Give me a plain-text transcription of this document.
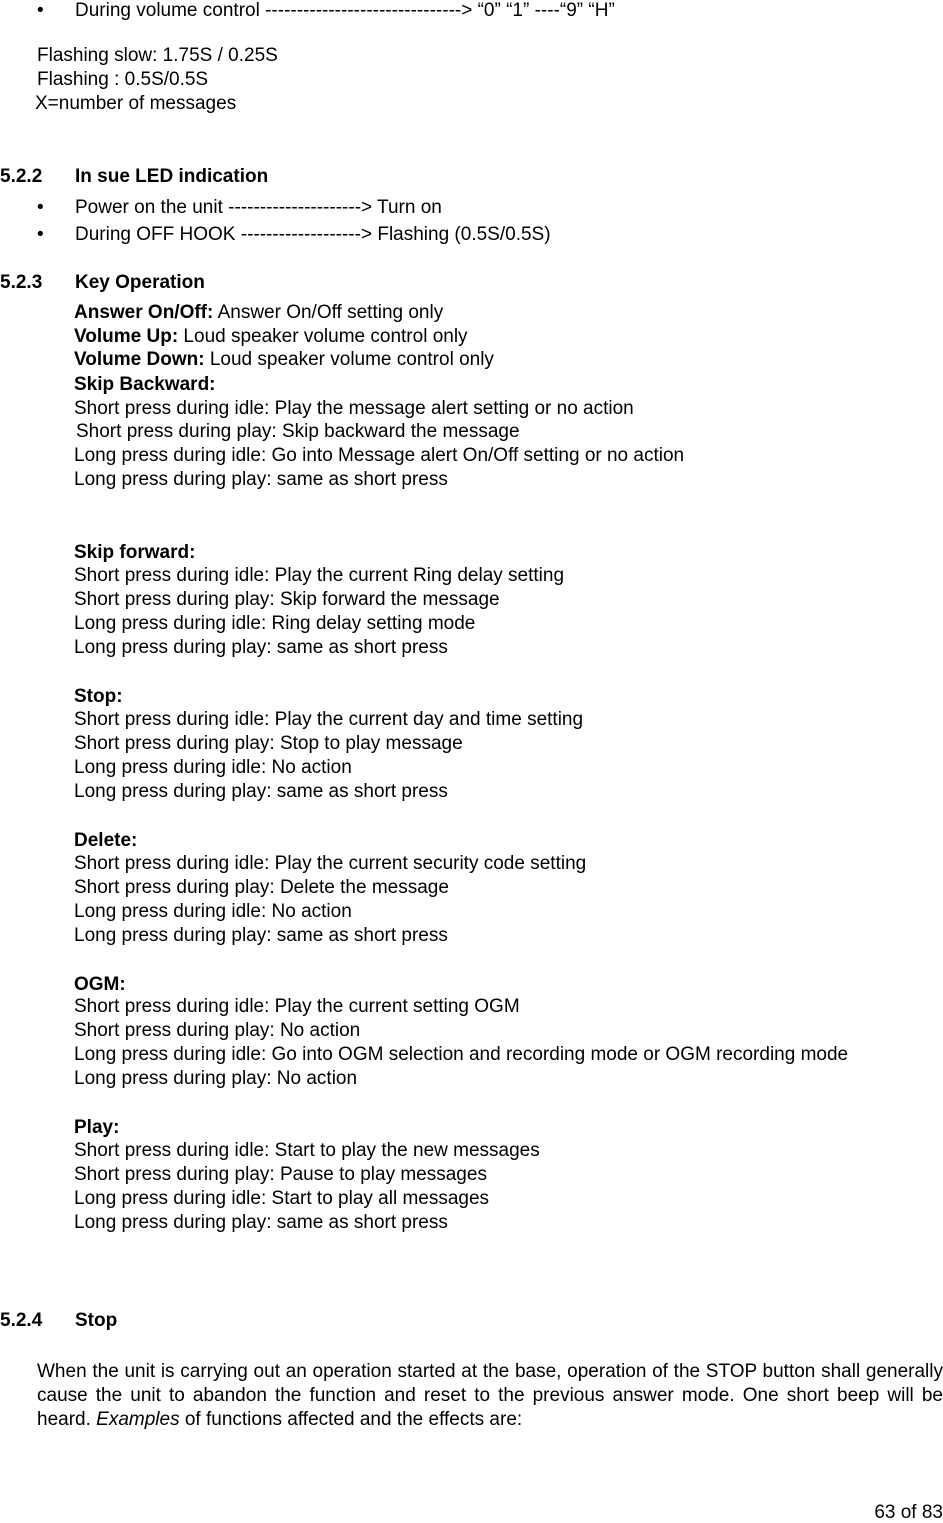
• During volume control -------------------------------> “0” “1” ----“9” “H”
Flashing slow: 1.75S / 0.25S
Flashing : 0.5S/0.5S
X=number of messages
5.2.2 In sue LED indication
• Power on the unit ---------------------> Turn on
• During OFF HOOK -------------------> Flashing (0.5S/0.5S)
5.2.3 Key Operation
Answer On/Off: Answer On/Off setting only
Volume Up: Loud speaker volume control only
Volume Down: Loud speaker volume control only
Skip Backward:
Short press during idle: Play the message alert setting or no action
Short press during play: Skip backward the message
Long press during idle: Go into Message alert On/Off setting or no action
Long press during play: same as short press
Skip forward:
Short press during idle: Play the current Ring delay setting
Short press during play: Skip forward the message
Long press during idle: Ring delay setting mode
Long press during play: same as short press
Stop:
Short press during idle: Play the current day and time setting
Short press during play: Stop to play message
Long press during idle: No action
Long press during play: same as short press
Delete:
Short press during idle: Play the current security code setting
Short press during play: Delete the message
Long press during idle: No action
Long press during play: same as short press
OGM:
Short press during idle: Play the current setting OGM
Short press during play: No action
Long press during idle: Go into OGM selection and recording mode or OGM recording mode
Long press during play: No action
Play:
Short press during idle: Start to play the new messages
Short press during play: Pause to play messages
Long press during idle: Start to play all messages
Long press during play: same as short press
5.2.4 Stop
When the unit is carrying out an operation started at the base, operation of the STOP button shall generally cause the unit to abandon the function and reset to the previous answer mode. One short beep will be heard. Examples of functions affected and the effects are:
63 of 83
